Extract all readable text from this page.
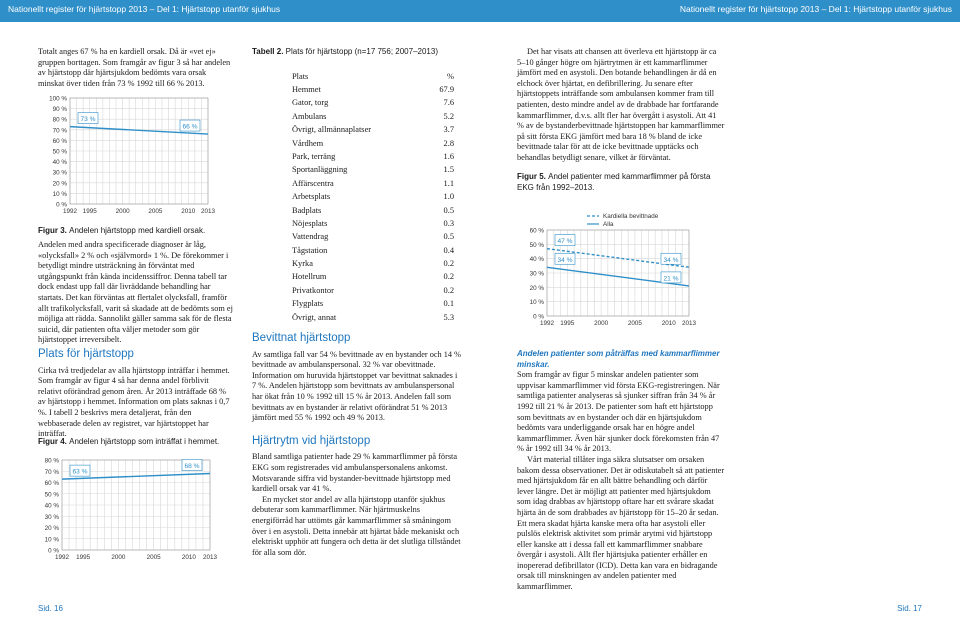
Nationellt register för hjärtstopp 2013 – Del 1: Hjärtstopp utanför sjukhus	Nationellt register för hjärtstopp 2013 – Del 1: Hjärtstopp utanför sjukhus

Totalt anges 67 % ha en kardiell orsak. Då är «vet ej» gruppen borttagen. Som framgår av figur 3 så har andelen av hjärtstopp där hjärtsjukdom bedömts vara orsak minskat över tiden från 73 % 1992 till 66 % 2013.

0 %
10 %
20 %
30 %
40 %
50 %
60 %
70 %
80 %
90 %
100 %
1992 1995	2000	2005	2010 2013
73 %
66 %
Figur 3. Andelen hjärtstopp med kardiell orsak.

Andelen med andra specificerade diagnoser är låg, «olycksfall» 2 % och «självmord» 1 %. De förekommer i betydligt mindre utsträckning än förväntat med utgångspunkt från kända incidenssiffror. Denna tabell tar dock endast upp fall där livräddande behandling har startats. Det kan förväntas att flertalet olycksfall, framför allt trafikolycksfall, varit så skadade att de bedömts som ej möjliga att rädda. Sannolikt gäller samma sak för de flesta suicid, där patienten ofta väljer metoder som gör hjärtstoppet irreversibelt.

Plats för hjärtstopp

Cirka två tredjedelar av alla hjärtstopp inträffar i hemmet. Som framgår av figur 4 så har denna andel förblivit relativt oförändrad genom åren. År 2013 inträffade 68 % av hjärtstopp i hemmet. Information om plats saknas i 0,7 %. I tabell 2 beskrivs mera detaljerat, från den webbaserade delen av registret, var hjärtstoppet har inträffat.

Figur 4. Andelen hjärtstopp som inträffat i hemmet.
0 %
10 %
20 %
30 %
40 %
50 %
60 %
70 %
80 %
1992 1995	2000	2005	2010 2013
63 %
68 %

Tabell 2. Plats för hjärtstopp (n=17 756; 2007–2013)

Plats	%
Hemmet	67.9
Gator, torg	7.6
Ambulans	5.2
Övrigt, allmännaplatser	3.7
Vårdhem	2.8
Park, terräng	1.6
Sportanläggning	1.5
Affärscentra	1.1
Arbetsplats	1.0
Badplats	0.5
Nöjesplats	0.3
Vattendrag	0.5
Tågstation	0.4
Kyrka	0.2
Hotellrum	0.2
Privatkontor	0.2
Flygplats	0.1
Övrigt, annat	5.3

Bevittnat hjärtstopp

Av samtliga fall var 54 % bevittnade av en bystander och 14 % bevittnade av ambulanspersonal. 32 % var obevittnade. Information om huruvida hjärtstoppet var bevittnat saknades i 7 %. Andelen hjärtstopp som bevittnats av ambulanspersonal har ökat från 10 % 1992 till 15 % år 2013. Andelen fall som bevittnats av en bystander är relativt oförändrat 51 % 2013 jämfört med 55 % 1992 och 49 % 2013.

Hjärtrytm vid hjärtstopp

Bland samtliga patienter hade 29 % kammarflimmer på första EKG som registrerades vid ambulanspersonalens ankomst. Motsvarande siffra vid bystander-bevittnade hjärtstopp med kardiell orsak var 41 %.

En mycket stor andel av alla hjärtstopp utanför sjukhus debuterar som kammarflimmer. När hjärtmuskelns energiförråd har uttömts går kammarflimmer så småningom över i en asystoli. Detta innebär att hjärtat både mekaniskt och elektriskt upphör att fungera och detta är det slutliga tillståndet för alla som dör.

Det har visats att chansen att överleva ett hjärtstopp är ca 5–10 gånger högre om hjärtrytmen är ett kammarflimmer jämfört med en asystoli. Den botande behandlingen är då en elchock över hjärtat, en defibrillering. Ju senare efter hjärtstoppets inträffande som ambulansen kommer fram till patienten, desto mindre andel av de drabbade har fortfarande kammarflimmer, d.v.s. allt fler har övergått i asystoli. Att 41 % av de bystanderbevittnade hjärtstoppen har kammarflimmer på sitt första EKG jämfört med bara 18 % bland de icke bevittnade talar för att de icke bevittnade upptäcks och behandlas betydligt senare, vilket är förväntat.

Figur 5. Andel patienter med kammarflimmer på första EKG från 1992–2013.
0 %
10 %
20 %
30 %
40 %
50 %
60 %
1992 1995	2000	2005	2010 2013
47 %
34 %
34 %
21 %
Kardiella bevittnade
Alla

Andelen patienter som påträffas med kammarflimmer minskar.

Som framgår av figur 5 minskar andelen patienter som uppvisar kammarflimmer vid första EKG-registreringen. När samtliga patienter analyseras så sjunker siffran från 34 % år 1992 till 21 % år 2013. De patienter som haft ett hjärtstopp som bevittnats av en bystander och där en hjärtsjukdom bedömts vara underliggande orsak har en högre andel kammarflimmer. Även här sjunker dock förekomsten från 47 % år 1992 till 34 % år 2013.

Vårt material tillåter inga säkra slutsatser om orsaken bakom dessa observationer. Det är odiskutabelt så att patienter med hjärtsjukdom får en allt bättre behandling och därför lever längre. Det är möjligt att patienter med hjärtsjukdom som idag drabbas av hjärtstopp oftare har ett svårare skadat hjärta än de som drabbades av hjärtstopp för 15–20 år sedan. Ett mera skadat hjärta kanske mera ofta har asystoli eller pulslös elektrisk aktivitet som primär arytmi vid hjärtstopp eller kanske att i dessa fall ett kammarflimmer snabbare övergår i asystoli. Allt fler hjärtsjuka patienter erhåller en inopererad defibrillator (ICD). Detta kan vara en bidragande orsak till minskningen av andelen patienter med kammarflimmer.

Sid. 16	Sid. 17
